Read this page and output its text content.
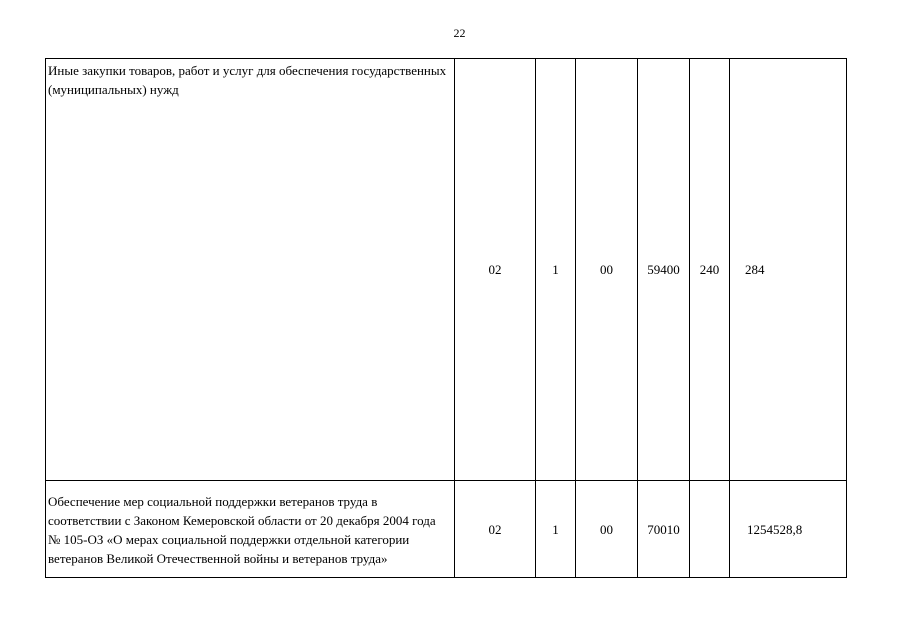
22
Иные закупки товаров, работ и услуг для обеспечения государственных (муниципальных) нужд	02	1	00	59400	240	284
Обеспечение мер социальной поддержки ветеранов труда в соответствии с Законом Кемеровской области от 20 декабря 2004 года № 105-ОЗ «О мерах социальной поддержки отдельной категории ветеранов Великой Отечественной войны и ветеранов труда»	02	1	00	70010		1254528,8
